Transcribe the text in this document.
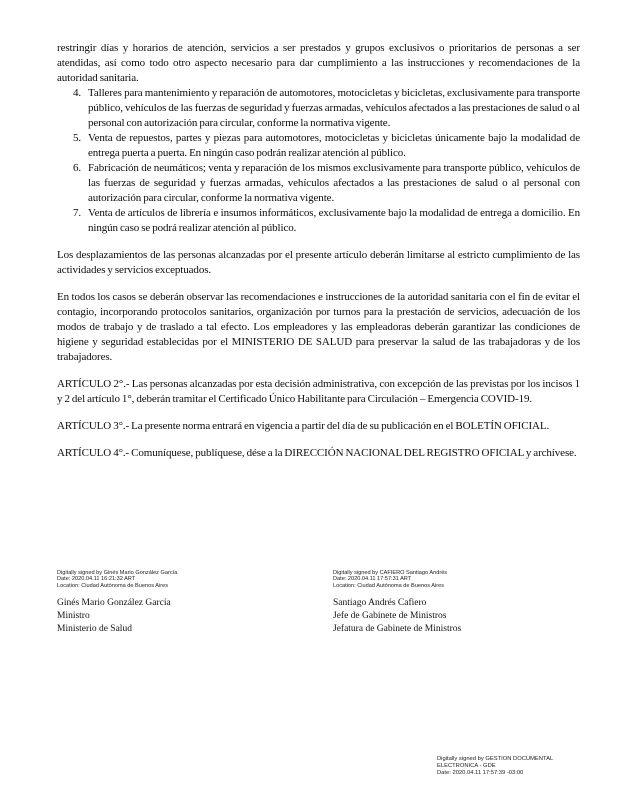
restringir días y horarios de atención, servicios a ser prestados y grupos exclusivos o prioritarios de personas a ser atendidas, así como todo otro aspecto necesario para dar cumplimiento a las instrucciones y recomendaciones de la autoridad sanitaria.

4. Talleres para mantenimiento y reparación de automotores, motocicletas y bicicletas, exclusivamente para transporte público, vehículos de las fuerzas de seguridad y fuerzas armadas, vehículos afectados a las prestaciones de salud o al personal con autorización para circular, conforme la normativa vigente.
5. Venta de repuestos, partes y piezas para automotores, motocicletas y bicicletas únicamente bajo la modalidad de entrega puerta a puerta. En ningún caso podrán realizar atención al público.
6. Fabricación de neumáticos; venta y reparación de los mismos exclusivamente para transporte público, vehículos de las fuerzas de seguridad y fuerzas armadas, vehículos afectados a las prestaciones de salud o al personal con autorización para circular, conforme la normativa vigente.
7. Venta de artículos de librería e insumos informáticos, exclusivamente bajo la modalidad de entrega a domicilio. En ningún caso se podrá realizar atención al público.

Los desplazamientos de las personas alcanzadas por el presente artículo deberán limitarse al estricto cumplimiento de las actividades y servicios exceptuados.

En todos los casos se deberán observar las recomendaciones e instrucciones de la autoridad sanitaria con el fin de evitar el contagio, incorporando protocolos sanitarios, organización por turnos para la prestación de servicios, adecuación de los modos de trabajo y de traslado a tal efecto. Los empleadores y las empleadoras deberán garantizar las condiciones de higiene y seguridad establecidas por el MINISTERIO DE SALUD para preservar la salud de las trabajadoras y de los trabajadores.

ARTÍCULO 2°.- Las personas alcanzadas por esta decisión administrativa, con excepción de las previstas por los incisos 1 y 2 del artículo 1°, deberán tramitar el Certificado Único Habilitante para Circulación – Emergencia COVID-19.

ARTÍCULO 3°.- La presente norma entrará en vigencia a partir del día de su publicación en el BOLETÍN OFICIAL.

ARTÍCULO 4°.- Comuníquese, publíquese, dése a la DIRECCIÓN NACIONAL DEL REGISTRO OFICIAL y archívese.

Digitally signed by Ginés Mario González García
Date: 2020.04.11 16:21:32 ART
Location: Ciudad Autónoma de Buenos Aires
Ginés Mario González García
Ministro
Ministerio de Salud
Digitally signed by CAFIERO Santiago Andrés
Date: 2020.04.11 17:57:31 ART
Location: Ciudad Autónoma de Buenos Aires
Santiago Andrés Cafiero
Jefe de Gabinete de Ministros
Jefatura de Gabinete de Ministros
Digitally signed by GESTION DOCUMENTAL
ELECTRONICA - GDE
Date: 2020.04.11 17:57:39 -03:00
